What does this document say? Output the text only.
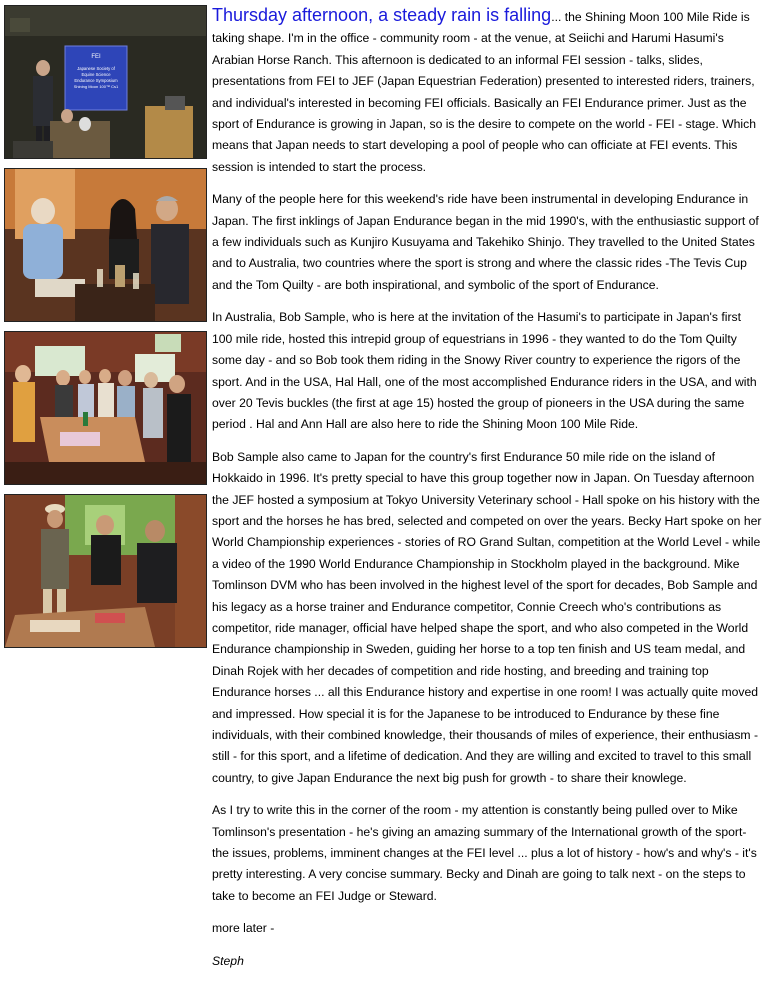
FEI
Japanese Society of
Equine Science
Endurance Symposium
Shining Moon 100™ Cs1

Thursday afternoon, a steady rain is falling... the Shining Moon 100 Mile Ride is taking shape. I'm in the office - community room - at the venue, at Seiichi and Harumi Hasumi's Arabian Horse Ranch. This afternoon is dedicated to an informal FEI session - talks, slides, presentations from FEI to JEF (Japan Equestrian Federation) presented to interested riders, trainers, and individual's interested in becoming FEI officials. Basically an FEI Endurance primer. Just as the sport of Endurance is growing in Japan, so is the desire to compete on the world - FEI - stage. Which means that Japan needs to start developing a pool of people who can officiate at FEI events. This session is intended to start the process.

Many of the people here for this weekend's ride have been instrumental in developing Endurance in Japan. The first inklings of Japan Endurance began in the mid 1990's, with the enthusiastic support of a few individuals such as Kunjiro Kusuyama and Takehiko Shinjo. They travelled to the United States and to Australia, two countries where the sport is strong and where the classic rides -The Tevis Cup and the Tom Quilty - are both inspirational, and symbolic of the sport of Endurance.

In Australia, Bob Sample, who is here at the invitation of the Hasumi's to participate in Japan's first 100 mile ride, hosted this intrepid group of equestrians in 1996 - they wanted to do the Tom Quilty some day - and so Bob took them riding in the Snowy River country to experience the rigors of the sport. And in the USA, Hal Hall, one of the most accomplished Endurance riders in the USA, and with over 20 Tevis buckles (the first at age 15) hosted the group of pioneers in the USA during the same period . Hal and Ann Hall are also here to ride the Shining Moon 100 Mile Ride.

Bob Sample also came to Japan for the country's first Endurance 50 mile ride on the island of Hokkaido in 1996. It's pretty special to have this group together now in Japan. On Tuesday afternoon the JEF hosted a symposium at Tokyo University Veterinary school - Hall spoke on his history with the sport and the horses he has bred, selected and competed on over the years. Becky Hart spoke on her World Championship experiences - stories of RO Grand Sultan, competition at the World Level - while a video of the 1990 World Endurance Championship in Stockholm played in the background. Mike Tomlinson DVM who has been involved in the highest level of the sport for decades, Bob Sample and his legacy as a horse trainer and Endurance competitor, Connie Creech who's contributions as competitor, ride manager, official have helped shape the sport, and who also competed in the World Endurance championship in Sweden, guiding her horse to a top ten finish and US team medal, and Dinah Rojek with her decades of competition and ride hosting, and breeding and training top Endurance horses ... all this Endurance history and expertise in one room! I was actually quite moved and impressed. How special it is for the Japanese to be introduced to Endurance by these fine individuals, with their combined knowledge, their thousands of miles of experience, their enthusiasm - still - for this sport, and a lifetime of dedication. And they are willing and excited to travel to this small country, to give Japan Endurance the next big push for growth - to share their knowlege.

As I try to write this in the corner of the room - my attention is constantly being pulled over to Mike Tomlinson's presentation - he's giving an amazing summary of the International growth of the sport- the issues, problems, imminent changes at the FEI level ... plus a lot of history - how's and why's - it's pretty interesting. A very concise summary. Becky and Dinah are going to talk next - on the steps to take to become an FEI Judge or Steward.

more later -

Steph
